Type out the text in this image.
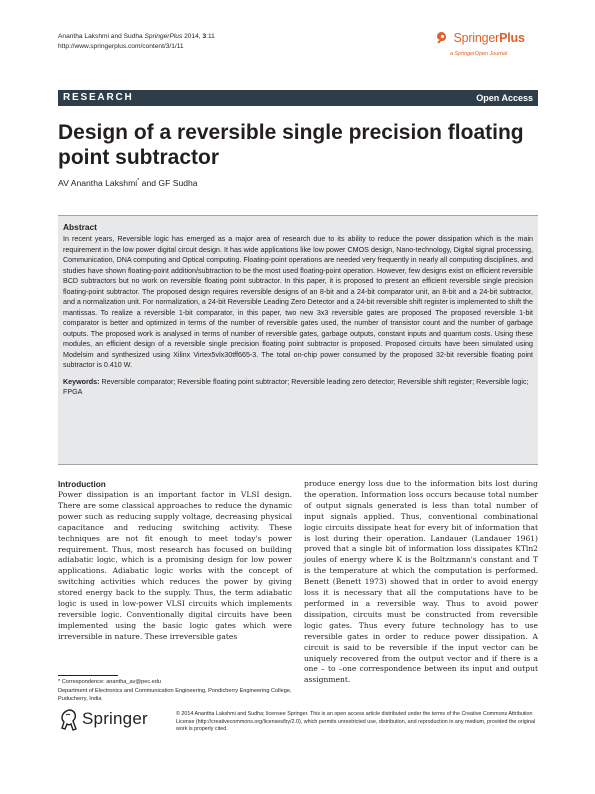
Anantha Lakshmi and Sudha SpringerPlus 2014, 3:11
http://www.springerplus.com/content/3/1/11
SpringerPlus
a SpringerOpen Journal
RESEARCH	Open Access
Design of a reversible single precision floating point subtractor
AV Anantha Lakshmi* and GF Sudha
Abstract

In recent years, Reversible logic has emerged as a major area of research due to its ability to reduce the power dissipation which is the main requirement in the low power digital circuit design. It has wide applications like low power CMOS design, Nano-technology, Digital signal processing, Communication, DNA computing and Optical computing. Floating-point operations are needed very frequently in nearly all computing disciplines, and studies have shown floating-point addition/subtraction to be the most used floating-point operation. However, few designs exist on efficient reversible BCD subtractors but no work on reversible floating point subtractor. In this paper, it is proposed to present an efficient reversible single precision floating-point subtractor. The proposed design requires reversible designs of an 8-bit and a 24-bit comparator unit, an 8-bit and a 24-bit subtractor, and a normalization unit. For normalization, a 24-bit Reversible Leading Zero Detector and a 24-bit reversible shift register is implemented to shift the mantissas. To realize a reversible 1-bit comparator, in this paper, two new 3x3 reversible gates are proposed The proposed reversible 1-bit comparator is better and optimized in terms of the number of reversible gates used, the number of transistor count and the number of garbage outputs. The proposed work is analysed in terms of number of reversible gates, garbage outputs, constant inputs and quantum costs. Using these modules, an efficient design of a reversible single precision floating point subtractor is proposed. Proposed circuits have been simulated using Modelsim and synthesized using Xilinx Virtex5vlx30tff665-3. The total on-chip power consumed by the proposed 32-bit reversible floating point subtractor is 0.410 W.

Keywords: Reversible comparator; Reversible floating point subtractor; Reversible leading zero detector; Reversible shift register; Reversible logic; FPGA

Introduction

Power dissipation is an important factor in VLSI design. There are some classical approaches to reduce the dynamic power such as reducing supply voltage, decreasing physical capacitance and reducing switching activity. These techniques are not fit enough to meet today's power requirement. Thus, most research has focused on building adiabatic logic, which is a promising design for low power applications. Adiabatic logic works with the concept of switching activities which reduces the power by giving stored energy back to the supply. Thus, the term adiabatic logic is used in low-power VLSI circuits which implements reversible logic. Conventionally digital circuits have been implemented using the basic logic gates which were irreversible in nature. These irreversible gates

produce energy loss due to the information bits lost during the operation. Information loss occurs because total number of output signals generated is less than total number of input signals applied. Thus, conventional combinational logic circuits dissipate heat for every bit of information that is lost during their operation. Landauer (Landauer 1961) proved that a single bit of information loss dissipates KTln2 joules of energy where K is the Boltzmann's constant and T is the temperature at which the computation is performed. Benett (Benett 1973) showed that in order to avoid energy loss it is necessary that all the computations have to be performed in a reversible way. Thus to avoid power dissipation, circuits must be constructed from reversible logic gates. Thus every future technology has to use reversible gates in order to reduce power dissipation. A circuit is said to be reversible if the input vector can be uniquely recovered from the output vector and if there is a one – to –one correspondence between its input and output assignment.

* Correspondence: anantha_av@pec.edu
Department of Electronics and Communication Engineering, Pondicherry Engineering College, Puducherry, India
Springer	© 2014 Anantha Lakshmi and Sudha; licensee Springer. This is an open access article distributed under the terms of the Creative Commons Attribution License (http://creativecommons.org/licenses/by/2.0), which permits unrestricted use, distribution, and reproduction in any medium, provided the original work is properly cited.
